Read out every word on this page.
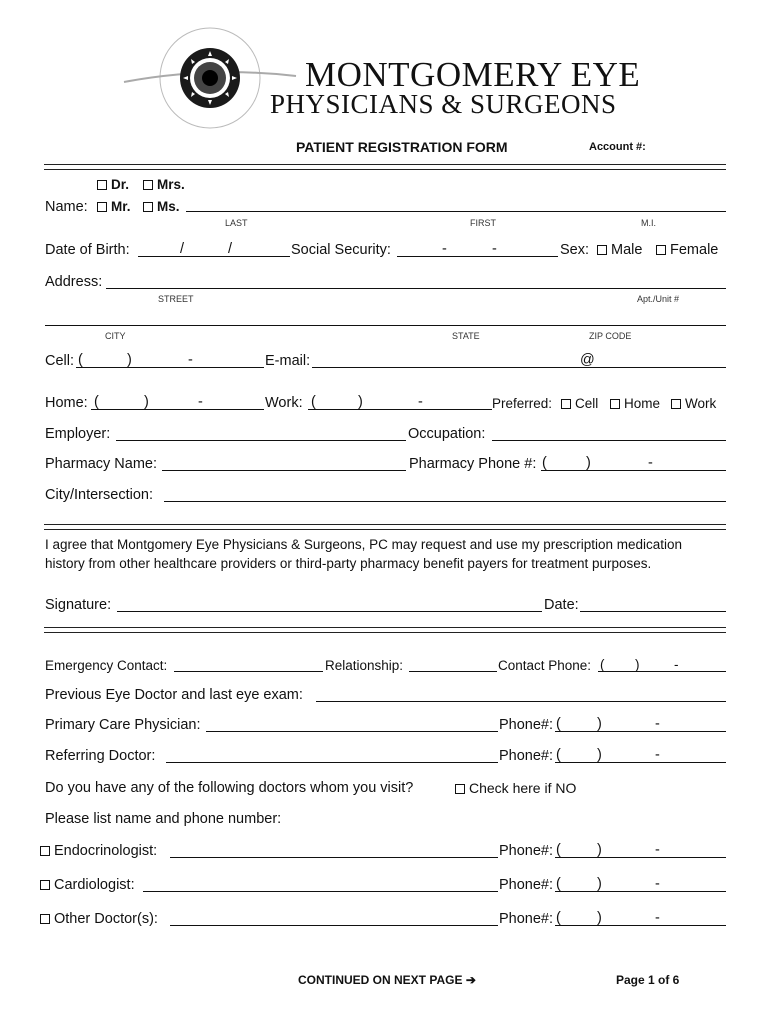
MONTGOMERY EYE
PHYSICIANS & SURGEONS
PATIENT REGISTRATION FORM	Account #:
Dr.	Mrs.
Name:	Mr.	Ms.
LAST	FIRST	M.I.
Date of Birth:	/	/	Social Security:	-	-	Sex:	Male	Female
Address:
STREET	Apt./Unit #
CITY	STATE	ZIP CODE
Cell: (	)	-	E-mail:	@
Home: (	)	-	Work: (	)	-	Preferred:	Cell	Home	Work
Employer:	Occupation:
Pharmacy Name:	Pharmacy Phone #: (	)	-
City/Intersection:
I agree that Montgomery Eye Physicians & Surgeons, PC may request and use my prescription medication
history from other healthcare providers or third-party pharmacy benefit payers for treatment purposes.
Signature:	Date:
Emergency Contact:	Relationship:	Contact Phone: ( )	-
Previous Eye Doctor and last eye exam:
Primary Care Physician:	Phone#: ( )	-
Referring Doctor:	Phone#: ( )	-
Do you have any of the following doctors whom you visit?	Check here if NO
Please list name and phone number:
Endocrinologist:	Phone#: ( )	-
Cardiologist:	Phone#: ( )	-
Other Doctor(s):	Phone#: ( )	-
CONTINUED ON NEXT PAGE ➔	Page 1 of 6
